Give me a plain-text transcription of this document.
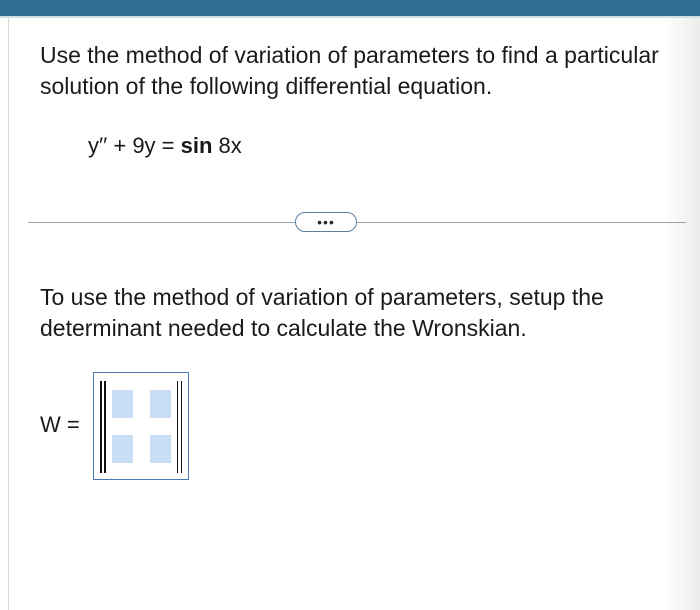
Use the method of variation of parameters to find a particular solution of the following differential equation.

y′′ + 9y = sin 8x
•••

To use the method of variation of parameters, setup the determinant needed to calculate the Wronskian.

W =
